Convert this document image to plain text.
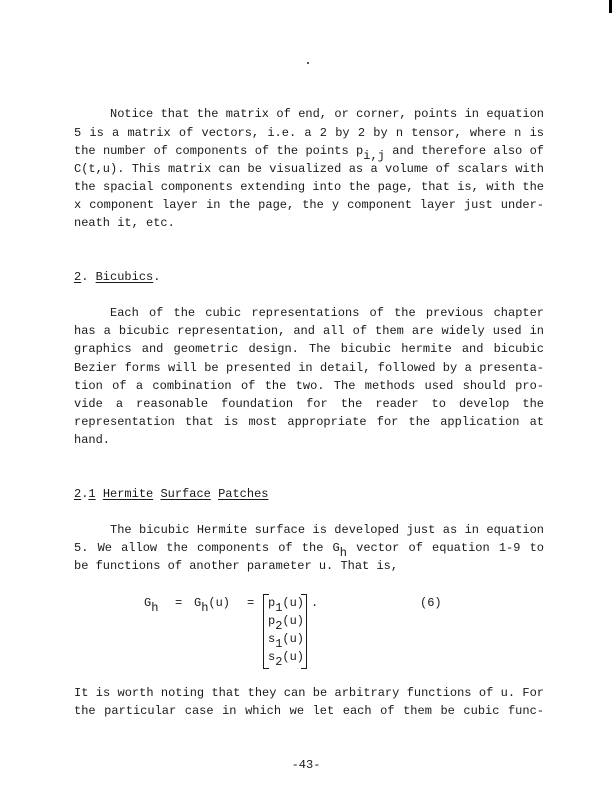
Notice that the matrix of end, or corner, points in equation
5 is a matrix of vectors, i.e. a 2 by 2 by n tensor, where n is
the number of components of the points $p_{i,j}$ and therefore also of
C(t,u). This matrix can be visualized as a volume of scalars with
the spacial components extending into the page, that is, with the
x component layer in the page, the y component layer just under-
neath it, etc.
2. Bicubics.
Each of the cubic representations of the previous chapter
has a bicubic representation, and all of them are widely used in
graphics and geometric design. The bicubic hermite and bicubic
Bezier forms will be presented in detail, followed by a presenta-
tion of a combination of the two. The methods used should pro-
vide a reasonable foundation for the reader to develop the
representation that is most appropriate for the application at
hand.
2.1 Hermite Surface Patches
The bicubic Hermite surface is developed just as in equation
5. We allow the components of the $G_h$ vector of equation 1-9 to
be functions of another parameter u. That is,
$G_h = G_h(u) = p_1(u)$
$p_2(u)$
$s_1(u)$
$s_2(u)$
.	(6)
It is worth noting that they can be arbitrary functions of u. For
the particular case in which we let each of them be cubic func-
-43-
